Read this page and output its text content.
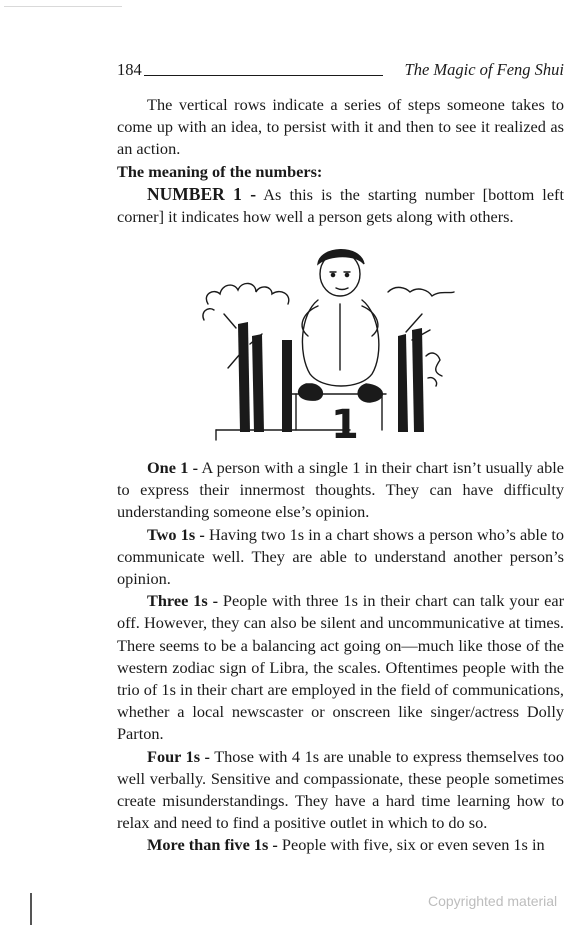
184	The Magic of Feng Shui

The vertical rows indicate a series of steps someone takes to come up with an idea, to persist with it and then to see it realized as an action.

The meaning of the numbers:

NUMBER 1 - As this is the starting number [bottom left corner] it indicates how well a person gets along with others.

1

One 1 - A person with a single 1 in their chart isn’t usually able to express their innermost thoughts. They can have difficulty understanding someone else’s opinion.

Two 1s - Having two 1s in a chart shows a person who’s able to communicate well. They are able to understand another person’s opinion.

Three 1s - People with three 1s in their chart can talk your ear off. However, they can also be silent and uncommunicative at times. There seems to be a balancing act going on—much like those of the western zodiac sign of Libra, the scales. Oftentimes people with the trio of 1s in their chart are employed in the field of communications, whether a local newscaster or onscreen like singer/actress Dolly Parton.

Four 1s - Those with 4 1s are unable to express themselves too well verbally. Sensitive and compassionate, these people sometimes create misunderstandings. They have a hard time learning how to relax and need to find a positive outlet in which to do so.

More than five 1s - People with five, six or even seven 1s in

Copyrighted material
